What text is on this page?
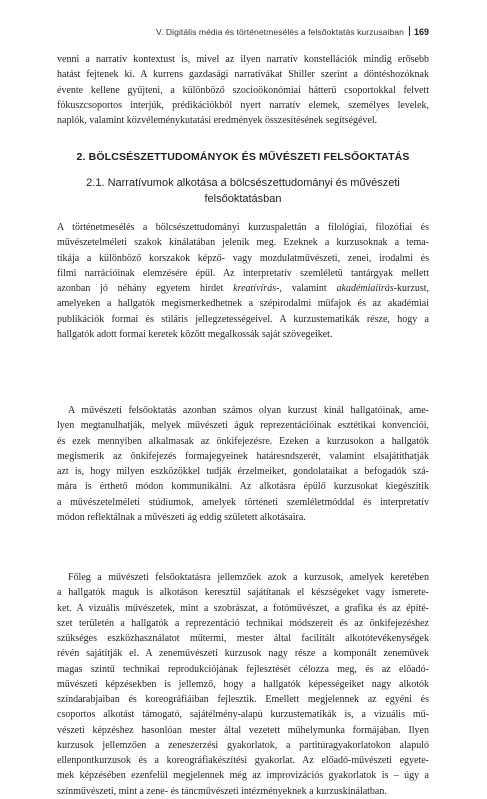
V. Digitális média és történetmesélés a felsőoktatás kurzusaiban 169
venni a narratív kontextust is, mivel az ilyen narratív konstellációk mindig erősebb
hatást fejtenek ki. A kurrens gazdasági narratívákat Shiller szerint a döntéshozóknak
évente kellene gyűjteni, a különböző szocioökonómiai hátterű csoportokkal felvett
fókuszcsoportos interjúk, prédikációkból nyert narratív elemek, személyes levelek,
naplók, valamint közvéleménykutatási eredmények összesítésének segítségével.
2. BÖLCSÉSZETTUDOMÁNYOK ÉS MŰVÉSZETI FELSŐOKTATÁS
2.1. Narratívumok alkotása a bölcsészettudományi és művészeti
felsőoktatásban
A történetmesélés a bölcsészettudományi kurzuspalettán a filológiai, filozófiai és
művészetelméleti szakok kínálatában jelenik meg. Ezeknek a kurzusoknak a tema-
tikája a különböző korszakok képző- vagy mozdulatművészeti, zenei, irodalmi és
filmi narrációinak elemzésére épül. Az interpretatív szemléletű tantárgyak mellett
azonban jó néhány egyetem hirdet kreatívírás-, valamint akadémiaiírás-kurzust,
amelyeken a hallgatók megismerkedhetnek a szépirodalmi műfajok és az akadémiai
publikációk formai és stiláris jellegzetességeivel. A kurzustematikák része, hogy a
hallgatók adott formai keretek között megalkossák saját szövegeiket.
A művészeti felsőoktatás azonban számos olyan kurzust kínál hallgatóinak, ame-
lyen megtanulhatják, melyek művészeti águk reprezentációinak esztétikai konvenciói,
és ezek mennyiben alkalmasak az önkifejezésre. Ezeken a kurzusokon a hallgatók
megismerik az önkifejezés formajegyeinek határesndszerét, valamint elsajátíthatják
azt is, hogy milyen eszközökkel tudják érzelmeiket, gondolataikat a befogadók szá-
mára is érthető módon kommunikálni. Az alkotásra épülő kurzusokat kiegészítik
a művészetelméleti stúdiumok, amelyek történeti szemléletmóddal és interpretatív
módon reflektálnak a művészeti ág eddig született alkotásaira.
Főleg a művészeti felsőoktatásra jellemzőek azok a kurzusok, amelyek keretében
a hallgatók maguk is alkotáson keresztül sajátítanak el készségeket vagy ismerete-
ket. A vizuális művészetek, mint a szobrászat, a fotóművészet, a grafika és az építé-
szet területén a hallgatók a reprezentáció technikai módszereit és az önkifejezéshez
szükséges eszközhasználatot műtermi, mester által facilitált alkotótevékenységek
révén sajátítják el. A zeneművészeti kurzusok nagy része a komponált zeneművek
magas szintű technikai reprodukciójának fejlesztését célozza meg, és az előadó-
művészeti képzésekben is jellemző, hogy a hallgatók képességeiket nagy alkotók
színdarabjaiban és koreográfiáiban fejlesztik. Emellett megjelennek az egyéni és
csoportos alkotást támogató, sajátélmény-alapú kurzustematikák is, a vizuális mű-
vészeti képzéshez hasonlóan mester által vezetett műhelymunka formájában. Ilyen
kurzusok jellemzően a zeneszerzési gyakorlatok, a partitúragyakorlatokon alapuló
ellenpontkurzusok és a koreográfiakészítési gyakorlat. Az előadó-művészeti egyete-
mek képzésében ezenfelül megjelennek még az improvizációs gyakorlatok is – úgy a
színművészeti, mint a zene- és táncművészeti intézményeknek a kurzuskínálatban.
